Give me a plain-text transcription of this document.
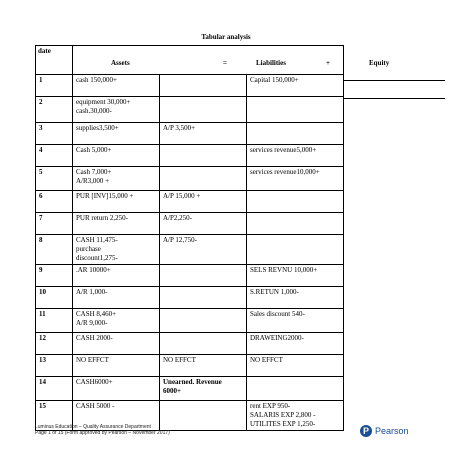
Tabular analysis
date	Assets = Liabilities + Equity		

1	cash 150,000+		Capital 150,000+
2	equipment 30,000+
cash.30,000-		
3	supplies3,500+	A/P 3,500+	
4	Cash 5,000+		services revenue5,000+
5	Cash 7,000+
A/R3,000 +		services revenue10,000+
6	PUR [INV]15,000 +	A/P 15,000 +	
7	PUR return 2,250-	A/P2,250-	
8	CASH 11,475-
purchase
discount1,275-	A/P 12,750-	
9	.AR 10000+		SELS REVNU 10,000+
10	A/R 1,000-		S.RETUN 1,000-
11	CASH 8,460+
A/R 9,000-		Sales discount 540-
12	CASH 2000-		DRAWEING2000-
13	NO EFFCT	NO EFFCT	NO EFFCT
14	CASH6000+	Unearned. Revenue
6000+	
15	CASH 5000 -		rent EXP 950-
SALARIS EXP 2,800 -
UTILITES EXP 1,250-
Luminus Education – Quality Assurance Department
Page 1 of 15 (Form approved by Pearson – November 2017)	P Pearson
